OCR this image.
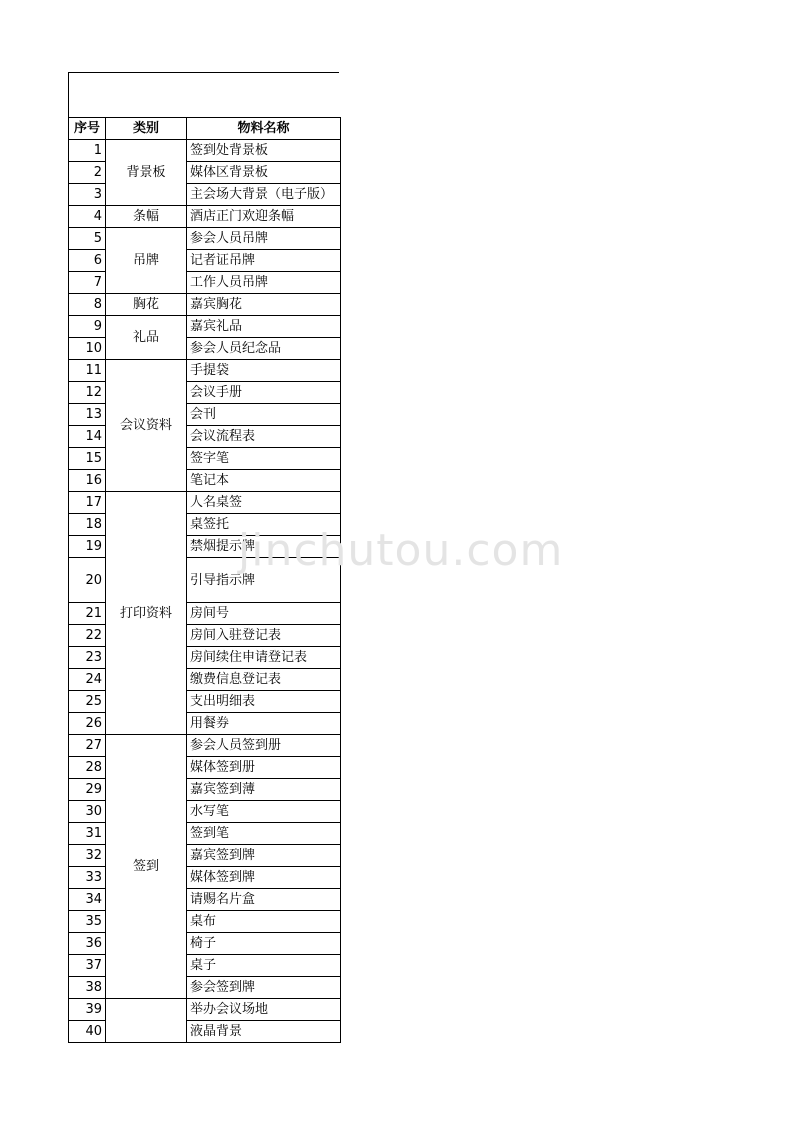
序号	类别	物料名称
1	背景板	签到处背景板
2		媒体区背景板
3		主会场大背景（电子版）
4	条幅	酒店正门欢迎条幅
5	吊牌	参会人员吊牌
6		记者证吊牌
7		工作人员吊牌
8	胸花	嘉宾胸花
9	礼品	嘉宾礼品
10		参会人员纪念品
11	会议资料	手提袋
12		会议手册
13		会刊
14		会议流程表
15		签字笔
16		笔记本
17	打印资料	人名桌签
18		桌签托
19		禁烟提示牌
20		引导指示牌
21		房间号
22		房间入驻登记表
23		房间续住申请登记表
24		缴费信息登记表
25		支出明细表
26		用餐券
27	签到	参会人员签到册
28		媒体签到册
29		嘉宾签到薄
30		水写笔
31		签到笔
32		嘉宾签到牌
33		媒体签到牌
34		请赐名片盒
35		桌布
36		椅子
37		桌子
38		参会签到牌
39		举办会议场地
40		液晶背景
jinchutou.com
